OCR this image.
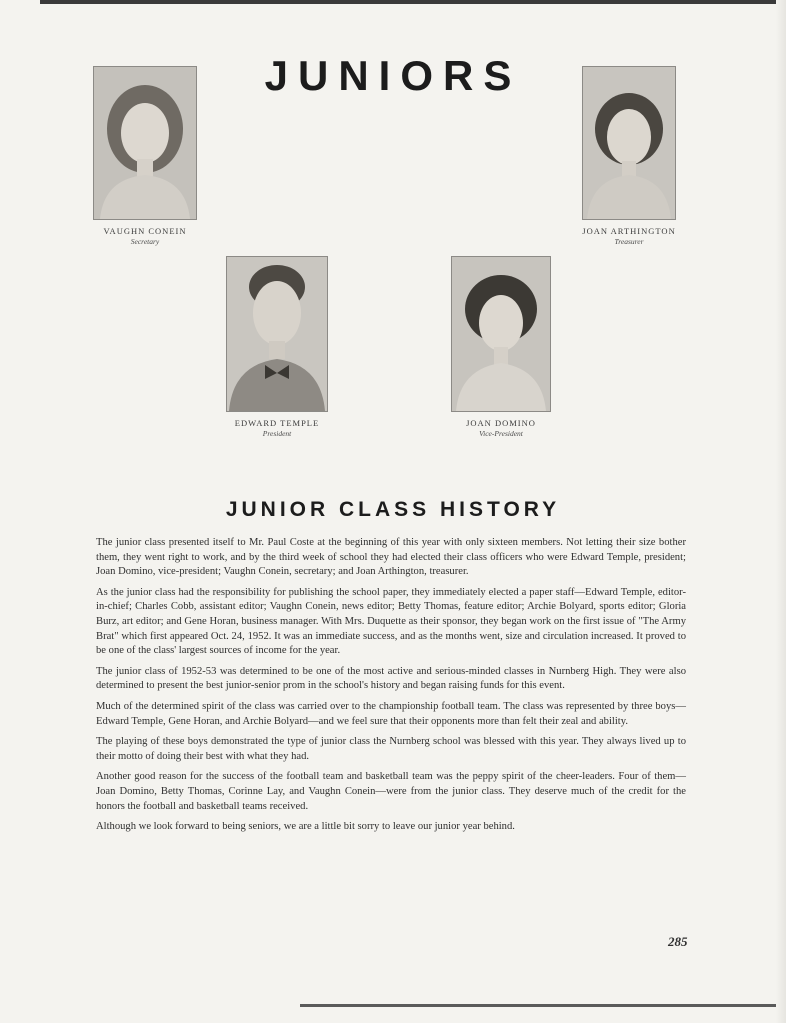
JUNIORS
VAUGHN CONEIN
Secretary
JOAN ARTHINGTON
Treasurer
EDWARD TEMPLE
President
JOAN DOMINO
Vice-President
JUNIOR CLASS HISTORY

The junior class presented itself to Mr. Paul Coste at the beginning of this year with only sixteen members. Not letting their size bother them, they went right to work, and by the third week of school they had elected their class officers who were Edward Temple, president; Joan Domino, vice-president; Vaughn Conein, secretary; and Joan Arthington, treasurer.

As the junior class had the responsibility for publishing the school paper, they immediately elected a paper staff—Edward Temple, editor-in-chief; Charles Cobb, assistant editor; Vaughn Conein, news editor; Betty Thomas, feature editor; Archie Bolyard, sports editor; Gloria Burz, art editor; and Gene Horan, business manager. With Mrs. Duquette as their sponsor, they began work on the first issue of "The Army Brat" which first appeared Oct. 24, 1952. It was an immediate success, and as the months went, size and circulation increased. It proved to be one of the class' largest sources of income for the year.

The junior class of 1952-53 was determined to be one of the most active and serious-minded classes in Nurnberg High. They were also determined to present the best junior-senior prom in the school's history and began raising funds for this event.

Much of the determined spirit of the class was carried over to the championship football team. The class was represented by three boys—Edward Temple, Gene Horan, and Archie Bolyard—and we feel sure that their opponents more than felt their zeal and ability.

The playing of these boys demonstrated the type of junior class the Nurnberg school was blessed with this year. They always lived up to their motto of doing their best with what they had.

Another good reason for the success of the football team and basketball team was the peppy spirit of the cheer-leaders. Four of them—Joan Domino, Betty Thomas, Corinne Lay, and Vaughn Conein—were from the junior class. They deserve much of the credit for the honors the football and basketball teams received.

Although we look forward to being seniors, we are a little bit sorry to leave our junior year behind.

285
